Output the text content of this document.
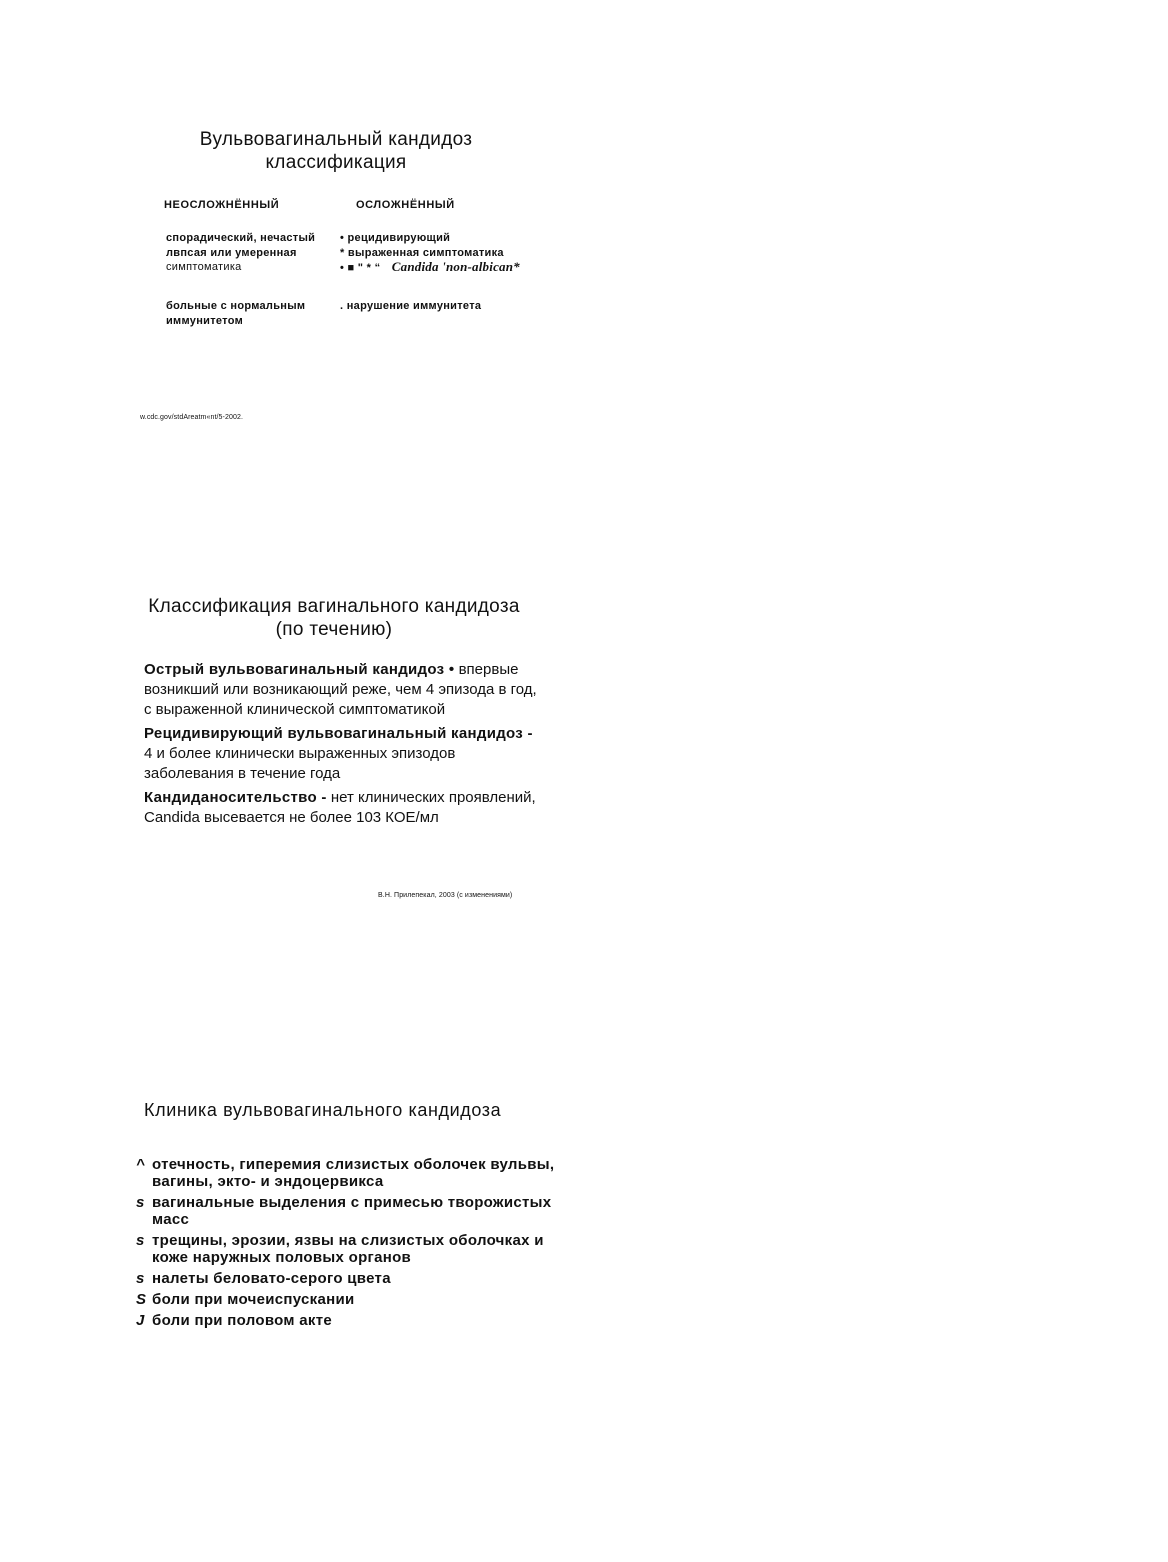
Вульвовагинальный кандидоз
классификация
НЕОСЛОЖНЁННЫЙ	ОСЛОЖНЁННЫЙ
спорадический, нечастый
лвпсая или умеренная
симптоматика
• рецидивирующий
* выраженная симптоматика
• ■ " * “ Candida 'non-albican*
больные с нормальным
иммунитетом
. нарушение иммунитета
w.cdc.gov/stdAreatm«nt/5-2002.
Классификация вагинального кандидоза
(по течению)

Острый вульвовагинальный кандидоз • впервые возникший или возникающий реже, чем 4 эпизода в год, с выраженной клинической симптоматикой

Рецидивирующий вульвовагинальный кандидоз - 4 и более клинически выраженных эпизодов заболевания в течение года

Кандиданосительство - нет клинических проявлений, Candida высевается не более 103 КОЕ/мл

В.Н. Прилепекал, 2003 (с изменениями)
Клиника вульвовагинального кандидоза
^ отечность, гиперемия слизистых оболочек вульвы, вагины, экто- и эндоцервикса
s вагинальные выделения с примесью творожистых масс
s трещины, эрозии, язвы на слизистых оболочках и коже наружных половых органов
s налеты беловато-серого цвета
S боли при мочеиспускании
J боли при половом акте
